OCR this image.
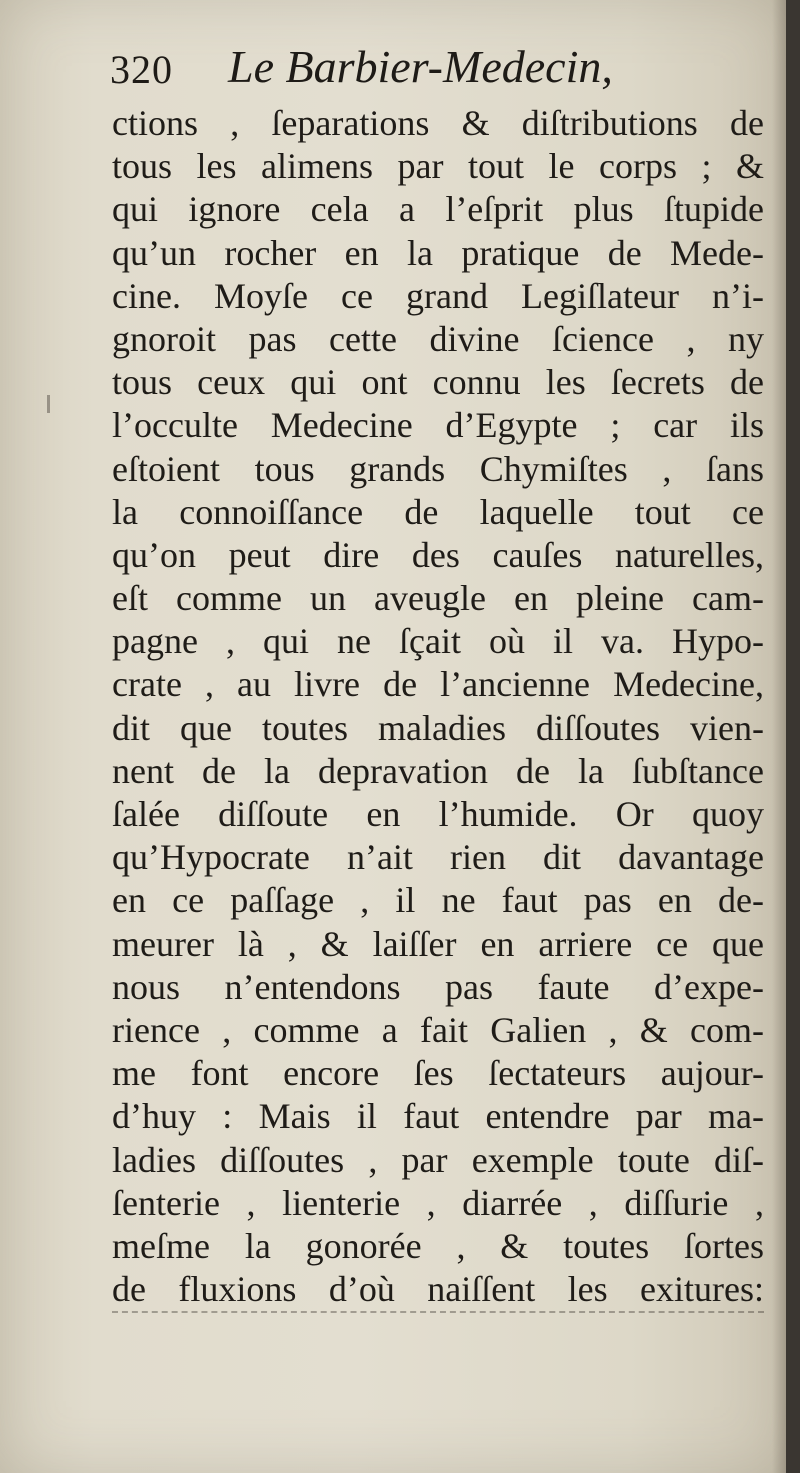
320 Le Barbier-Medecin,
ctions , ſeparations & diſtributions de
tous les alimens par tout le corps ; &
qui ignore cela a l’eſprit plus ſtupide
qu’un rocher en la pratique de Mede-
cine. Moyſe ce grand Legiſlateur n’i-
gnoroit pas cette divine ſcience , ny
tous ceux qui ont connu les ſecrets de
l’occulte Medecine d’Egypte ; car ils
eſtoient tous grands Chymiſtes , ſans
la connoiſſance de laquelle tout ce
qu’on peut dire des cauſes naturelles,
eſt comme un aveugle en pleine cam-
pagne , qui ne ſçait où il va. Hypo-
crate , au livre de l’ancienne Medecine,
dit que toutes maladies diſſoutes vien-
nent de la depravation de la ſubſtance
ſalée diſſoute en l’humide. Or quoy
qu’Hypocrate n’ait rien dit davantage
en ce paſſage , il ne faut pas en de-
meurer là , & laiſſer en arriere ce que
nous n’entendons pas faute d’expe-
rience , comme a fait Galien , & com-
me font encore ſes ſectateurs aujour-
d’huy : Mais il faut entendre par ma-
ladies diſſoutes , par exemple toute diſ-
ſenterie , lienterie , diarrée , diſſurie ,
meſme la gonorée , & toutes ſortes
de fluxions d’où naiſſent les exitures:
